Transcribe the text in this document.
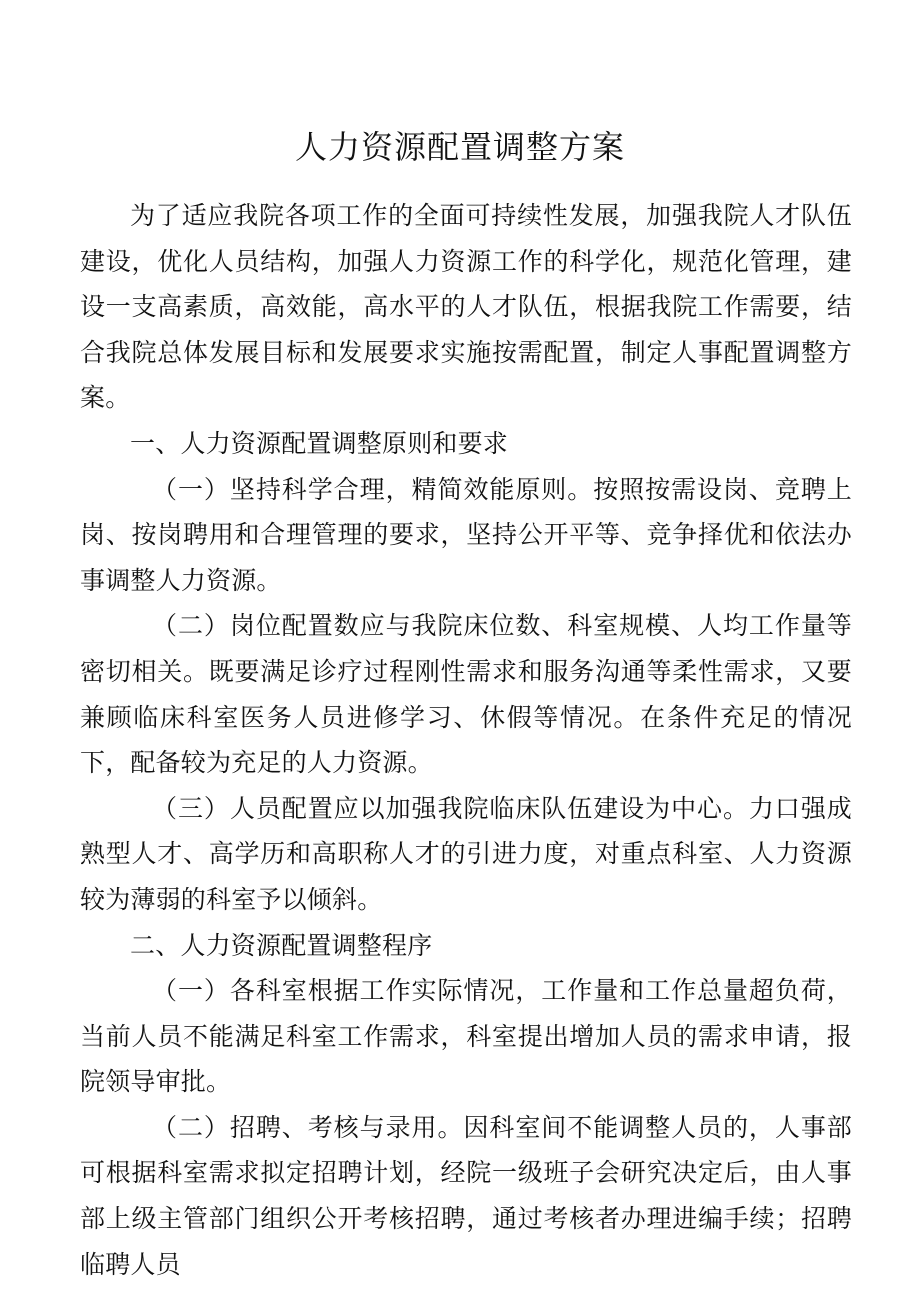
人力资源配置调整方案

为了适应我院各项工作的全面可持续性发展，加强我院人才队伍建设，优化人员结构，加强人力资源工作的科学化，规范化管理，建设一支高素质，高效能，高水平的人才队伍，根据我院工作需要，结合我院总体发展目标和发展要求实施按需配置，制定人事配置调整方案。

一、人力资源配置调整原则和要求

（一）坚持科学合理，精简效能原则。按照按需设岗、竞聘上岗、按岗聘用和合理管理的要求，坚持公开平等、竞争择优和依法办事调整人力资源。

（二）岗位配置数应与我院床位数、科室规模、人均工作量等密切相关。既要满足诊疗过程刚性需求和服务沟通等柔性需求，又要兼顾临床科室医务人员进修学习、休假等情况。在条件充足的情况下，配备较为充足的人力资源。

（三）人员配置应以加强我院临床队伍建设为中心。力口强成熟型人才、高学历和高职称人才的引进力度，对重点科室、人力资源较为薄弱的科室予以倾斜。

二、人力资源配置调整程序

（一）各科室根据工作实际情况，工作量和工作总量超负荷，当前人员不能满足科室工作需求，科室提出增加人员的需求申请，报院领导审批。

（二）招聘、考核与录用。因科室间不能调整人员的，人事部可根据科室需求拟定招聘计划，经院一级班子会研究决定后，由人事部上级主管部门组织公开考核招聘，通过考核者办理进编手续；招聘临聘人员
